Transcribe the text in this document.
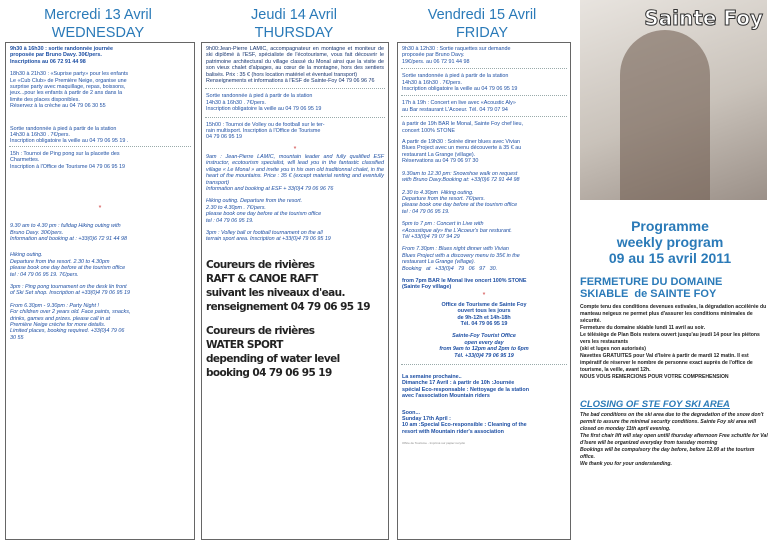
Mercredi 13 Avril
WEDNESDAY
9h30 à 16h30 : sortie randonnée journée
proposée par Bruno Davy. 30€/pers.
Inscriptions au 06 72 91 44 98
18h30 à 21h30 : «Suprise party» pour les enfants
Le «Cub Club» de Première Neige, organise une
surprise party avec maquillage, repas, boissons,
jeux...pour les enfants à partir de 2 ans dans la
limite des places disponibles.
Réservez à la crèche au 04 79 06 30 55
Sortie randonnée à pied à partir de la station
14h30 à 16h30 . 7€/pers.
Inscription obligatoire la veille au 04 79 06 95 19 .
15h : Tournoi de Ping pong sur la placette des
Charmettes.
Inscription à l'Office de Tourisme 04 79 06 95 19
*
9.30 am to 4.30 pm : fulldag Hiking outing with
Bruno Davy. 30€/pers.
Information and booking at : +33(0)6 72 91 44 98
Hiking outing.
Departure from the resort. 2.30 to 4.30pm
please book one day before at the tourism office
tel : 04 79 06 95 19. 7€/pers.
3pm : Ping pong tournament on the desk lin front
of Ski Set shop. Inscription at +33(0)4 79 06 95 19
From 6.30pm - 9.30pm : Party Night !
For children over 2 years old. Face paints, snacks,
drinks, games and prizes. please call in at
Première Neige crèche for more details.
Limited places, booking required. +33(0)4 79 06
30 55
Jeudi 14 Avril
THURSDAY
9h00:Jean-Pierre LAMIC, accompagnateur en montagne et moniteur de ski diplômé à l'ESF, spécialiste de l'écotourisme, vous fait découvrir le patrimoine architectural du village classé du Monal ainsi que la visite de son vieux chalet d'alpages, au cœur de la montagne, hors des sentiers balisés. Prix : 35 € (hors location matériel et éventuel transport)
Renseignements et informations à l'ESF de Sainte-Foy 04 79 06 96 76
Sortie randonnée à pied à partir de la station
14h30 à 16h30 . 7€/pers.
Inscription obligatoire la veille au 04 79 06 95 19
15h00 : Tournoi de Volley ou de football sur le ter-
rain multisport. Inscription à l'Office de Tourisme
04 79 06 95 19
*
9am : Jean-Pierre LAMIC, mountain leader and fully qualified ESF instructor, ecotourism specialist, will lead you in the fantastic classified village « Le Monal » and invite you in his own old traditionnal chalet, in the heart of the mountains. Price : 35 € (except material renting and eventully transport)
Information and booking at ESF + 33(0)4 79 06 96 76
Hiking outing. Departure from the resort.
2.30 to 4.30pm . 7€/pers.
please book one day before at the tourism office
tel : 04 79 06 95 19.
3pm : Volley ball or football tournament on the all
terrain sport area. Inscription at +33(0)4 79 06 95 19
Coureurs de rivières
RAFT & CANOE RAFT
suivant les niveaux d'eau.
renseignement 04 79 06 95 19
Coureurs de rivières
WATER SPORT
depending of water level
booking 04 79 06 95 19
Vendredi 15 Avril
FRIDAY
9h30 à 12h30 : Sortie raquettes sur demande
proposée par Bruno Davy.
19€/pers. au 06 72 91 44 98
Sortie randonnée à pied à partir de la station
14h30 à 16h30 . 7€/pers.
Inscription obligatoire la veille au 04 79 06 95 19
17h à 19h : Concert en live avec «Acoustic Aly»
au Bar restaurant L'Acoeur. Tél. 04 79 07 94
à partir de 19h BAR le Monal, Sainte Foy chef lieu,
concert 100% STONE
A partir de 19h30 : Soirée diner blues avec Vivian
Blues Project avec un menu découverte à 35 € au
restaurant La Grange (village).
Réservations au 04 79 06 97 30
9.30am to 12.30 pm: Snowshoe walk on request
with Bruno Davy.Booking at: +33(0)6 72 91 44 98
2.30 to 4.30pm  Hiking outing.
Departure from the resort. 7€/pers.
please book one day before at the tourism office
tel : 04 79 06 95 19.
5pm to 7 pm : Concert in Live with
«Acoustique aly» the L'Acoeur's bar resturant.
Tél +33(0)4 79 07 94 29
From 7.30pm : Blues night dinner with Vivian
Blues Project with a discovery menu to 35€ in the
restaurant La Grange (village).
Booking   at   +33(0)4   79   06   97   30.
from 7pm BAR le Monal live oncert 100% STONE
(Sainte Foy village)
*
Office de Tourisme de Sainte Foy
ouvert tous les jours
de 9h-12h et 14h-18h
Tél. 04 79 06 95 19
Sainte-Foy Tourist Office
open every day
from 9am to 12pm and 2pm to 6pm
Tél. +33(0)4 79 06 95 19
La semaine prochaine..
Dimanche 17 Avril : à partir de 10h :Journée
spécial Eco-responsable : Nettoyage de la station
avec l'association Mountain riders
Soon...
Sunday 17th April :
10 am :Special Eco-responsible : Cleaning of the
resort with Mountain rider's association
Office de Tourisme - Imprimé sur papier recyclé
Sainte Foy
Programme
weekly program
09 au 15 avril 2011
FERMETURE DU DOMAINE
SKIABLE  de SAINTE FOY
Compte tenu des conditions devenues estivales, la dégradation accélérée du manteau neigeux ne permet plus d'assurer les conditions minimales de sécurité.
Fermeture du domaine skiable lundi 11 avril au soir.
Le télésiège de Plan Bois restera ouvert jusqu'au jeudi 14 pour les piétons vers les restaurants
(ski et luges non autorisés)
Navettes GRATUITES pour Val d'Isère à partir de mardi 12 matin. Il est impératif de réserver le nombre de personne exact auprès de l'office de tourisme, la veille, avant 12h.
NOUS VOUS REMERCIONS POUR VOTRE COMPREHENSION
CLOSING OF STE FOY SKI AREA
The bad conditions on the ski area due to the degradation of the snow don't permit to assure the minimal security conditions. Sainte Foy ski area will closed on monday 11th april evening.
The first chair lift will stay open untill thursday afternoon Free schuttle for Val d'Isere will be organized everyday from tuesday morning
Bookings will be compulsory the day before, before 12.00 at the tourism office.
We thank you for your understanding.
